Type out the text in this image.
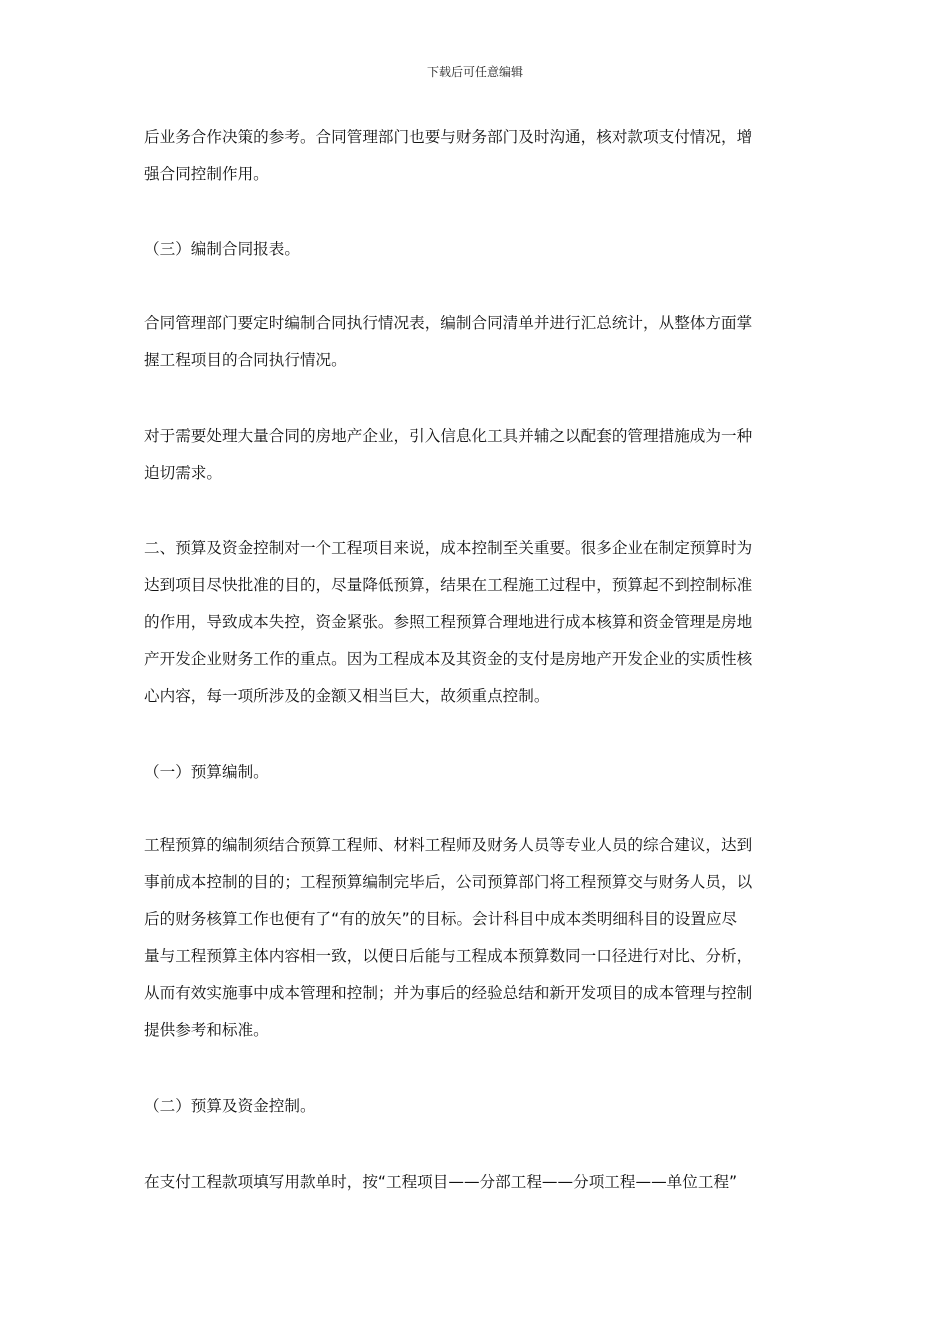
下载后可任意编辑
后业务合作决策的参考。合同管理部门也要与财务部门及时沟通，核对款项支付情况，增
强合同控制作用。
（三）编制合同报表。
合同管理部门要定时编制合同执行情况表，编制合同清单并进行汇总统计，从整体方面掌
握工程项目的合同执行情况。
对于需要处理大量合同的房地产企业，引入信息化工具并辅之以配套的管理措施成为一种
迫切需求。
二、预算及资金控制对一个工程项目来说，成本控制至关重要。很多企业在制定预算时为
达到项目尽快批准的目的，尽量降低预算，结果在工程施工过程中，预算起不到控制标准
的作用，导致成本失控，资金紧张。参照工程预算合理地进行成本核算和资金管理是房地
产开发企业财务工作的重点。因为工程成本及其资金的支付是房地产开发企业的实质性核
心内容，每一项所涉及的金额又相当巨大，故须重点控制。
（一）预算编制。
工程预算的编制须结合预算工程师、材料工程师及财务人员等专业人员的综合建议，达到
事前成本控制的目的；工程预算编制完毕后，公司预算部门将工程预算交与财务人员，以
后的财务核算工作也便有了“有的放矢”的目标。会计科目中成本类明细科目的设置应尽
量与工程预算主体内容相一致，以便日后能与工程成本预算数同一口径进行对比、分析，
从而有效实施事中成本管理和控制；并为事后的经验总结和新开发项目的成本管理与控制
提供参考和标准。
（二）预算及资金控制。
在支付工程款项填写用款单时，按“工程项目——分部工程——分项工程——单位工程”
